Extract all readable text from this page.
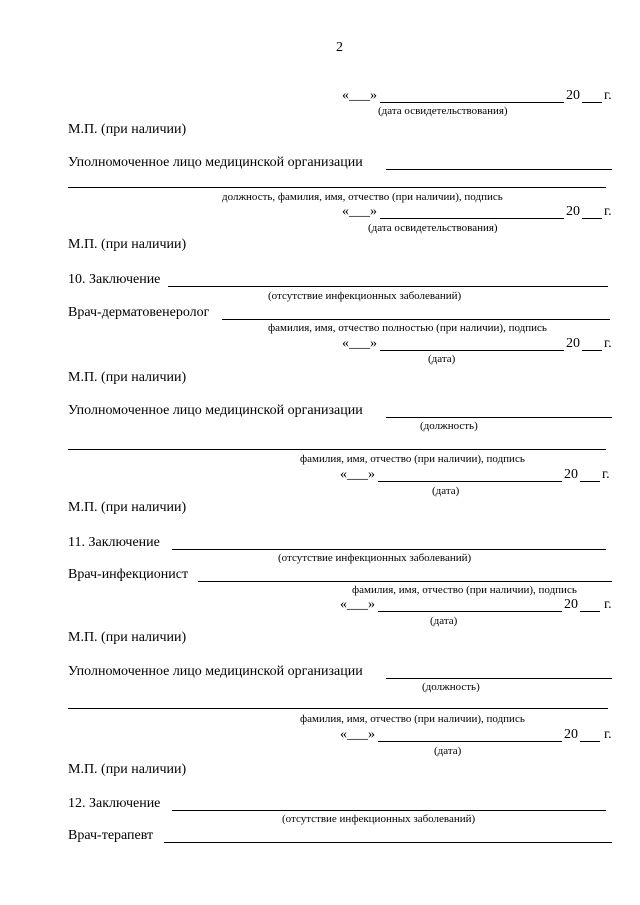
2
«___»	20 г.
(дата освидетельствования)
М.П. (при наличии)
Уполномоченное лицо медицинской организации
должность, фамилия, имя, отчество (при наличии), подпись
«___»	20 г.
(дата освидетельствования)
М.П. (при наличии)
10. Заключение
(отсутствие инфекционных заболеваний)
Врач-дерматовенеролог
фамилия, имя, отчество полностью (при наличии), подпись
«___»	20 г.
(дата)
М.П. (при наличии)
Уполномоченное лицо медицинской организации
(должность)
фамилия, имя, отчество (при наличии), подпись
«___»	20 г.
(дата)
М.П. (при наличии)
11. Заключение
(отсутствие инфекционных заболеваний)
Врач-инфекционист
фамилия, имя, отчество (при наличии), подпись
«___»	20 г.
(дата)
М.П. (при наличии)
Уполномоченное лицо медицинской организации
(должность)
фамилия, имя, отчество (при наличии), подпись
«___»	20 г.
(дата)
М.П. (при наличии)
12. Заключение
(отсутствие инфекционных заболеваний)
Врач-терапевт
